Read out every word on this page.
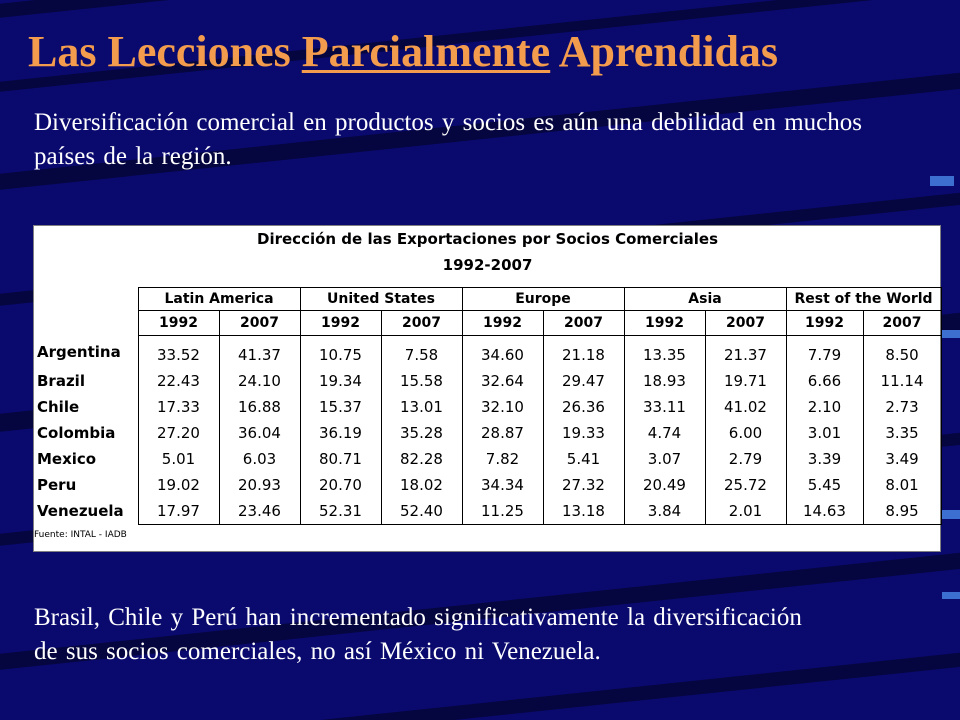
Las Lecciones Parcialmente Aprendidas

Diversificación comercial en productos y socios es aún una debilidad en muchos países de la región.

Dirección de las Exportaciones por Socios Comerciales										
1992-2007										

	Latin America		United States		Europe		Asia		Rest of the World	
	1992	2007	1992	2007	1992	2007	1992	2007	1992	2007
Argentina	33.52	41.37	10.75	7.58	34.60	21.18	13.35	21.37	7.79	8.50
Brazil	22.43	24.10	19.34	15.58	32.64	29.47	18.93	19.71	6.66	11.14
Chile	17.33	16.88	15.37	13.01	32.10	26.36	33.11	41.02	2.10	2.73
Colombia	27.20	36.04	36.19	35.28	28.87	19.33	4.74	6.00	3.01	3.35
Mexico	5.01	6.03	80.71	82.28	7.82	5.41	3.07	2.79	3.39	3.49
Peru	19.02	20.93	20.70	18.02	34.34	27.32	20.49	25.72	5.45	8.01
Venezuela	17.97	23.46	52.31	52.40	11.25	13.18	3.84	2.01	14.63	8.95
Fuente: INTAL - IADB										

Brasil, Chile y Perú han incrementado significativamente la diversificación de sus socios comerciales, no así México ni Venezuela.
